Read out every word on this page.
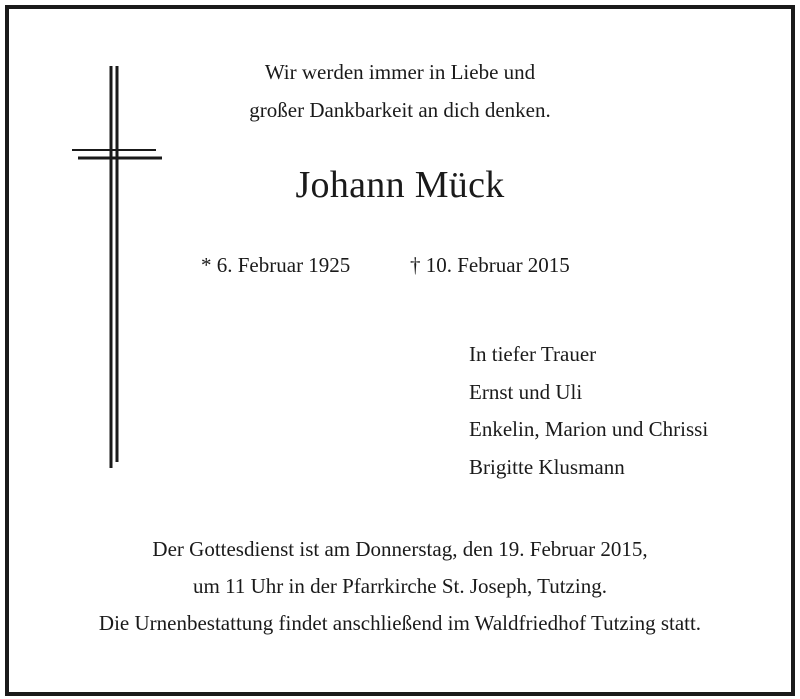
Wir werden immer in Liebe und
großer Dankbarkeit an dich denken.
Johann Mück
* 6. Februar 1925	† 10. Februar 2015
In tiefer Trauer
Ernst und Uli
Enkelin, Marion und Chrissi
Brigitte Klusmann
Der Gottesdienst ist am Donnerstag, den 19. Februar 2015,
um 11 Uhr in der Pfarrkirche St. Joseph, Tutzing.
Die Urnenbestattung findet anschließend im Waldfriedhof Tutzing statt.
